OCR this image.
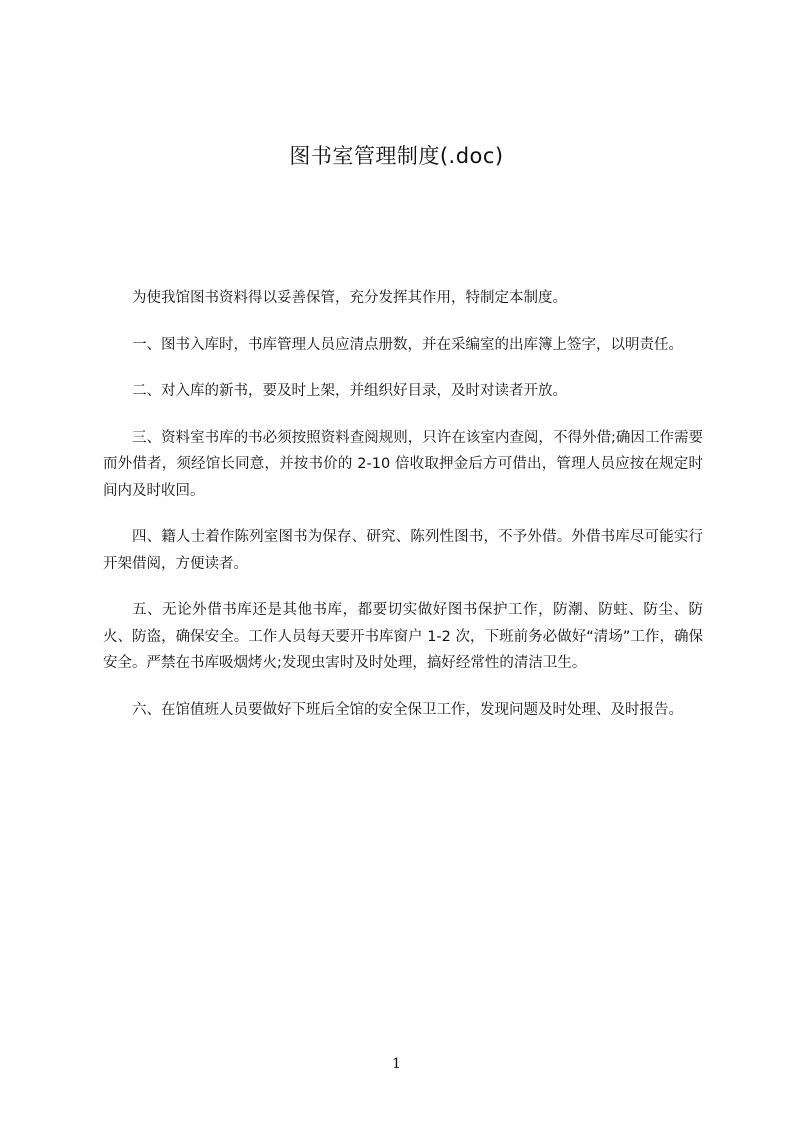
图书室管理制度(.doc)

为使我馆图书资料得以妥善保管，充分发挥其作用，特制定本制度。

一、图书入库时，书库管理人员应清点册数，并在采编室的出库簿上签字，以明责任。

二、对入库的新书，要及时上架，并组织好目录，及时对读者开放。

三、资料室书库的书必须按照资料查阅规则，只许在该室内查阅，不得外借;确因工作需要而外借者，须经馆长同意，并按书价的 2-10 倍收取押金后方可借出，管理人员应按在规定时间内及时收回。

四、籍人士着作陈列室图书为保存、研究、陈列性图书，不予外借。外借书库尽可能实行开架借阅，方便读者。

五、无论外借书库还是其他书库，都要切实做好图书保护工作，防潮、防蛀、防尘、防火、防盗，确保安全。工作人员每天要开书库窗户 1-2 次，下班前务必做好“清场”工作，确保安全。严禁在书库吸烟烤火;发现虫害时及时处理，搞好经常性的清洁卫生。

六、在馆值班人员要做好下班后全馆的安全保卫工作，发现问题及时处理、及时报告。

1
